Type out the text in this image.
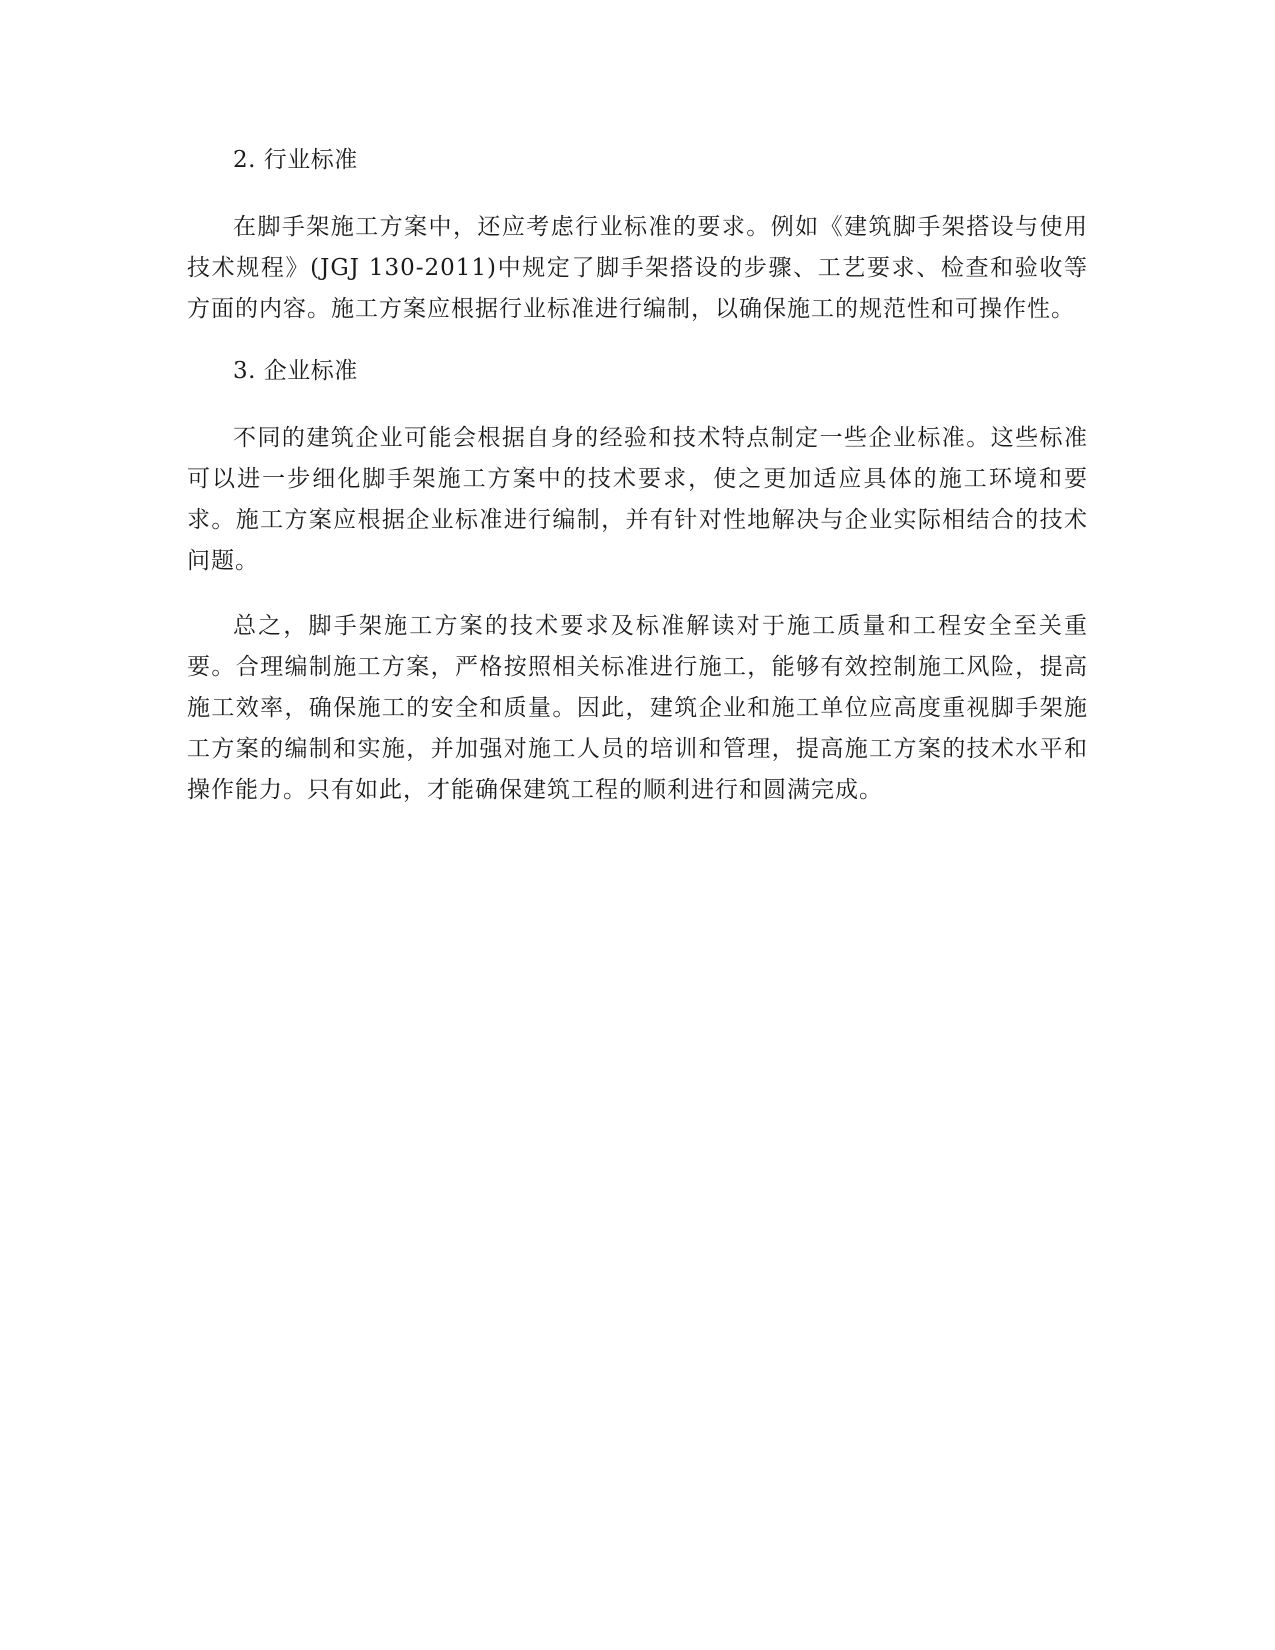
2. 行业标准

在脚手架施工方案中，还应考虑行业标准的要求。例如《建筑脚手架搭设与使用技术规程》(JGJ 130-2011)中规定了脚手架搭设的步骤、工艺要求、检查和验收等方面的内容。施工方案应根据行业标准进行编制，以确保施工的规范性和可操作性。

3. 企业标准

不同的建筑企业可能会根据自身的经验和技术特点制定一些企业标准。这些标准可以进一步细化脚手架施工方案中的技术要求，使之更加适应具体的施工环境和要求。施工方案应根据企业标准进行编制，并有针对性地解决与企业实际相结合的技术问题。

总之，脚手架施工方案的技术要求及标准解读对于施工质量和工程安全至关重要。合理编制施工方案，严格按照相关标准进行施工，能够有效控制施工风险，提高施工效率，确保施工的安全和质量。因此，建筑企业和施工单位应高度重视脚手架施工方案的编制和实施，并加强对施工人员的培训和管理，提高施工方案的技术水平和操作能力。只有如此，才能确保建筑工程的顺利进行和圆满完成。
